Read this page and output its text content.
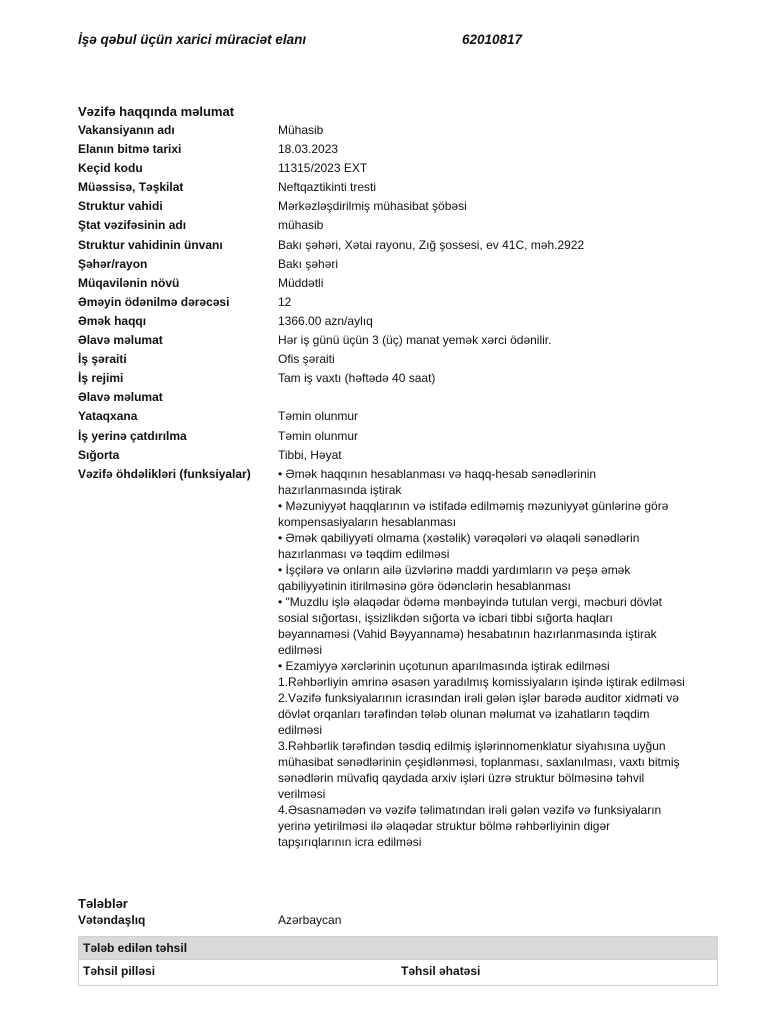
İşə qəbul üçün xarici müraciət elanı	62010817
Vəzifə haqqında məlumat
Vakansiyanın adı	Mühasib
Elanın bitmə tarixi	18.03.2023
Keçid kodu	11315/2023 EXT
Müəssisə, Təşkilat	Neftqaztikinti tresti
Struktur vahidi	Mərkəzləşdirilmiş mühasibat şöbəsi
Ştat vəzifəsinin adı	mühasib
Struktur vahidinin ünvanı	Bakı şəhəri, Xətai rayonu, Zığ şossesi, ev 41C, məh.2922
Şəhər/rayon	Bakı şəhəri
Müqavilənin növü	Müddətli
Əməyin ödənilmə dərəcəsi	12
Əmək haqqı	1366.00 azn/aylıq
Əlavə məlumat	Hər iş günü üçün 3 (üç) manat yemək xərci ödənilir.
İş şəraiti	Ofis şəraiti
İş rejimi	Tam iş vaxtı (həftədə 40 saat)
Əlavə məlumat
Yataqxana	Təmin olunmur
İş yerinə çatdırılma	Təmin olunmur
Sığorta	Tibbi, Həyat
Vəzifə öhdəlikləri (funksiyalar)	• Əmək haqqının hesablanması və haqq-hesab sənədlərinin
hazırlanmasında iştirak
• Məzuniyyət haqqlarının və istifadə edilməmiş məzuniyyət günlərinə görə
kompensasiyaların hesablanması
• Əmək qabiliyyəti olmama (xəstəlik) vərəqələri və əlaqəli sənədlərin
hazırlanması və təqdim edilməsi
• İşçilərə və onların ailə üzvlərinə maddi yardımların və peşə əmək
qabiliyyətinin itirilməsinə görə ödənclərin hesablanması
• "Muzdlu işlə əlaqədar ödəmə mənbəyində tutulan vergi, məcburi dövlət
sosial sığortası, işsizlikdən sığorta və icbari tibbi sığorta haqları
bəyannaməsi (Vahid Bəyyannamə) hesabatının hazırlanmasında iştirak
edilməsi
• Ezamiyyə xərclərinin uçotunun aparılmasında iştirak edilməsi
1.Rəhbərliyin əmrinə əsasən yaradılmış komissiyaların işində iştirak edilməsi
2.Vəzifə funksiyalarının icrasından irəli gələn işlər barədə auditor xidməti və
dövlət orqanları tərəfindən tələb olunan məlumat və izahatların təqdim
edilməsi
3.Rəhbərlik tərəfindən təsdiq edilmiş işlərinnomenklatur siyahısına uyğun
mühasibat sənədlərinin çeşidlənməsi, toplanması, saxlanılması, vaxtı bitmiş
sənədlərin müvafiq qaydada arxiv işləri üzrə struktur bölməsinə təhvil
verilməsi
4.Əsasnamədən və vəzifə təlimatından irəli gələn vəzifə və funksiyaların
yerinə yetirilməsi ilə əlaqədar struktur bölmə rəhbərliyinin digər
tapşırıqlarının icra edilməsi
Tələblər
Vətəndaşlıq	Azərbaycan
Tələb edilən təhsil
Təhsil pilləsi	Təhsil əhatəsi
